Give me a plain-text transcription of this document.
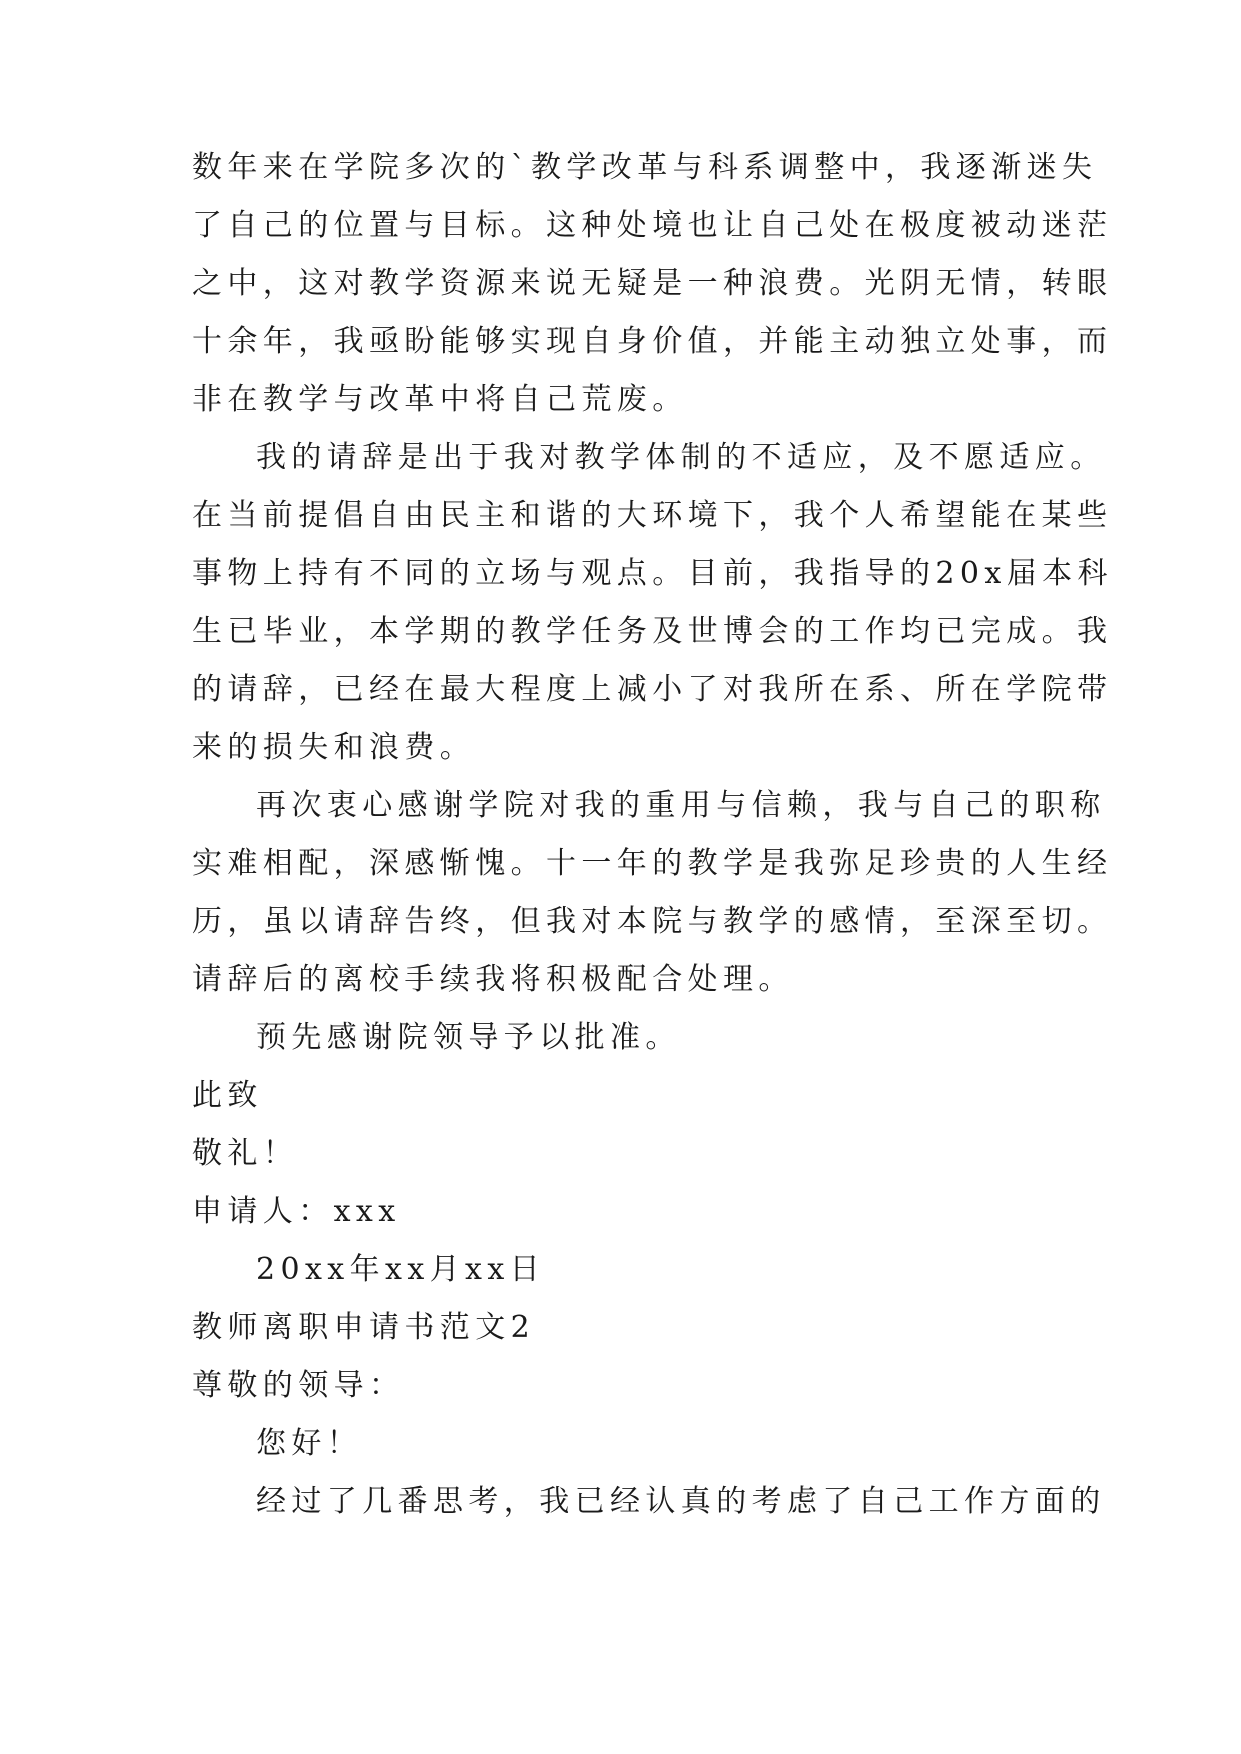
数年来在学院多次的`教学改革与科系调整中，我逐渐迷失
了自己的位置与目标。这种处境也让自己处在极度被动迷茫
之中，这对教学资源来说无疑是一种浪费。光阴无情，转眼
十余年，我亟盼能够实现自身价值，并能主动独立处事，而
非在教学与改革中将自己荒废。
我的请辞是出于我对教学体制的不适应，及不愿适应。
在当前提倡自由民主和谐的大环境下，我个人希望能在某些
事物上持有不同的立场与观点。目前，我指导的20x届本科
生已毕业，本学期的教学任务及世博会的工作均已完成。我
的请辞，已经在最大程度上减小了对我所在系、所在学院带
来的损失和浪费。
再次衷心感谢学院对我的重用与信赖，我与自己的职称
实难相配，深感惭愧。十一年的教学是我弥足珍贵的人生经
历，虽以请辞告终，但我对本院与教学的感情，至深至切。
请辞后的离校手续我将积极配合处理。
预先感谢院领导予以批准。
此致
敬礼！
申请人：xxx
20xx年xx月xx日
教师离职申请书范文2
尊敬的领导：
您好！
经过了几番思考，我已经认真的考虑了自己工作方面的
